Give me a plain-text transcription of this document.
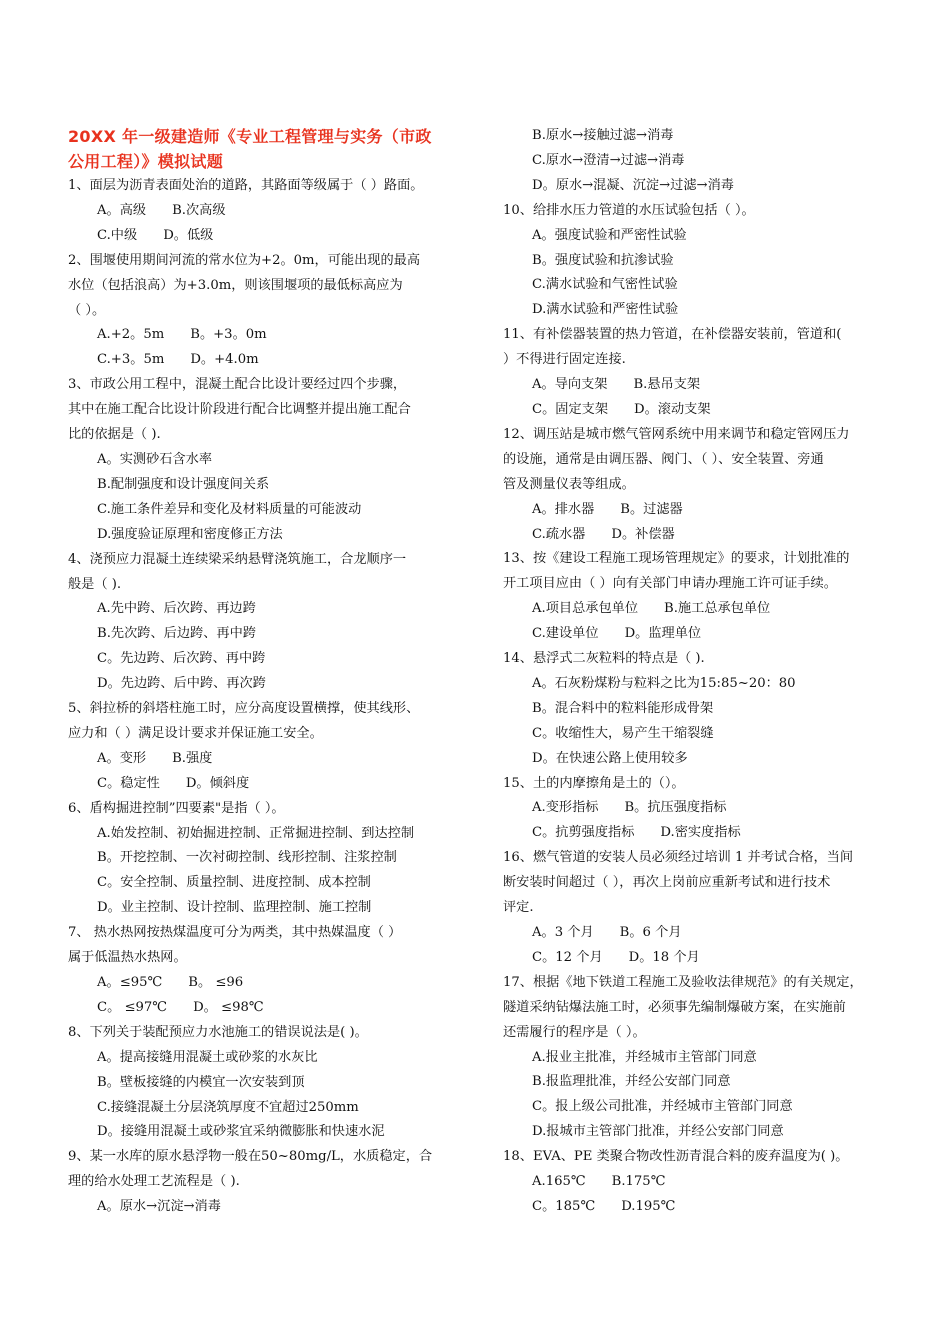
20XX 年一级建造师《专业工程管理与实务（市政
公用工程）》模拟试题
1、面层为沥青表面处治的道路，其路面等级属于（ ）路面。
A。高级 B.次高级
C.中级 D。低级
2、围堰使用期间河流的常水位为+2。0m，可能出现的最高
水位（包括浪高）为+3.0m，则该围堰项的最低标高应为
（ ）。
A.+2。5m B。+3。0m
C.+3。5m D。+4.0m
3、市政公用工程中，混凝土配合比设计要经过四个步骤，
其中在施工配合比设计阶段进行配合比调整并提出施工配合
比的依据是（ ).
A。实测砂石含水率
B.配制强度和设计强度间关系
C.施工条件差异和变化及材料质量的可能波动
D.强度验证原理和密度修正方法
4、浇预应力混凝土连续梁采纳悬臂浇筑施工，合龙顺序一
般是（ ).
A.先中跨、后次跨、再边跨
B.先次跨、后边跨、再中跨
C。先边跨、后次跨、再中跨
D。先边跨、后中跨、再次跨
5、斜拉桥的斜塔柱施工时，应分高度设置横撑，使其线形、
应力和（ ）满足设计要求并保证施工安全。
A。变形 B.强度
C。稳定性 D。倾斜度
6、盾构掘进控制”四要素"是指（ ）。
A.始发控制、初始掘进控制、正常掘进控制、到达控制
B。开挖控制、一次衬砌控制、线形控制、注浆控制
C。安全控制、质量控制、进度控制、成本控制
D。业主控制、设计控制、监理控制、施工控制
7、 热水热网按热煤温度可分为两类，其中热媒温度（ ）
属于低温热水热网。
A。≤95℃ B。 ≤96
C。 ≤97℃ D。 ≤98℃
8、下列关于装配预应力水池施工的错误说法是( )。
A。提高接缝用混凝土或砂浆的水灰比
B。壁板接缝的内模宜一次安装到顶
C.接缝混凝土分层浇筑厚度不宜超过250mm
D。接缝用混凝土或砂浆宜采纳微膨胀和快速水泥
9、某一水库的原水悬浮物一般在50~80mg/L，水质稳定，合
理的给水处理工艺流程是（ ).
A。原水→沉淀→消毒
B.原水→接触过滤→消毒
C.原水→澄清→过滤→消毒
D。原水→混凝、沉淀→过滤→消毒
10、给排水压力管道的水压试验包括（ ）。
A。强度试验和严密性试验
B。强度试验和抗渗试验
C.满水试验和气密性试验
D.满水试验和严密性试验
11、有补偿器装置的热力管道，在补偿器安装前，管道和(
）不得进行固定连接.
A。导向支架 B.悬吊支架
C。固定支架 D。滚动支架
12、调压站是城市燃气管网系统中用来调节和稳定管网压力
的设施，通常是由调压器、阀门、（ ）、安全装置、旁通
管及测量仪表等组成。
A。排水器 B。过滤器
C.疏水器 D。补偿器
13、按《建设工程施工现场管理规定》的要求，计划批准的
开工项目应由（ ）向有关部门申请办理施工许可证手续。
A.项目总承包单位 B.施工总承包单位
C.建设单位 D。监理单位
14、悬浮式二灰粒料的特点是（ ).
A。石灰粉煤粉与粒料之比为15:85~20：80
B。混合料中的粒料能形成骨架
C。收缩性大，易产生干缩裂缝
D。在快速公路上使用较多
15、土的内摩擦角是土的（）。
A.变形指标 B。抗压强度指标
C。抗剪强度指标 D.密实度指标
16、燃气管道的安装人员必须经过培训 1 并考试合格，当间
断安装时间超过（ ），再次上岗前应重新考试和进行技术
评定.
A。3 个月 B。6 个月
C。12 个月 D。18 个月
17、根据《地下铁道工程施工及验收法律规范》的有关规定，
隧道采纳钻爆法施工时，必须事先编制爆破方案，在实施前
还需履行的程序是（ ）。
A.报业主批准，并经城市主管部门同意
B.报监理批准，并经公安部门同意
C。报上级公司批准，并经城市主管部门同意
D.报城市主管部门批准，并经公安部门同意
18、EVA、PE 类聚合物改性沥青混合料的废弃温度为( )。
A.165℃ B.175℃
C。185℃ D.195℃
